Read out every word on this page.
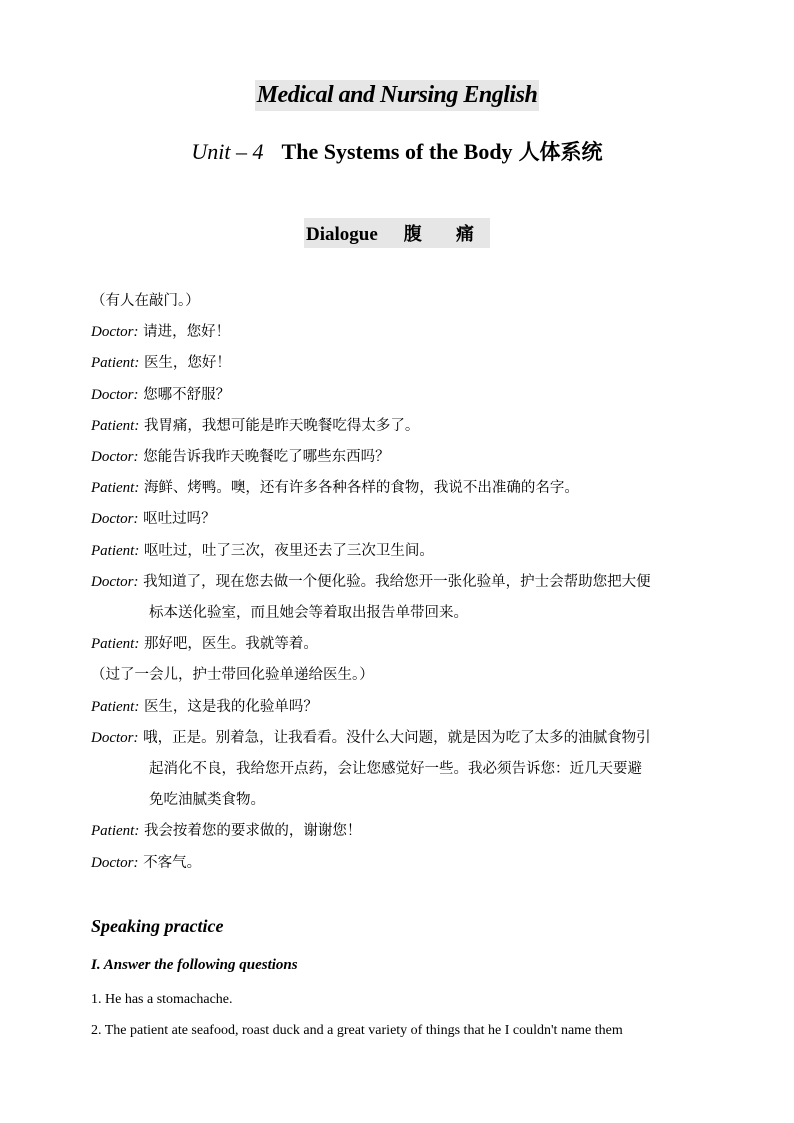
Medical and Nursing English
Unit – 4 The Systems of the Body 人体系统
Dialogue 腹 痛
（有人在敲门。）
Doctor: 请进，您好！
Patient: 医生，您好！
Doctor: 您哪不舒服？
Patient: 我胃痛，我想可能是昨天晚餐吃得太多了。
Doctor: 您能告诉我昨天晚餐吃了哪些东西吗？
Patient: 海鲜、烤鸭。噢，还有许多各种各样的食物，我说不出准确的名字。
Doctor: 呕吐过吗？
Patient: 呕吐过，吐了三次，夜里还去了三次卫生间。
Doctor: 我知道了，现在您去做一个便化验。我给您开一张化验单，护士会帮助您把大便
标本送化验室，而且她会等着取出报告单带回来。
Patient: 那好吧，医生。我就等着。
（过了一会儿，护士带回化验单递给医生。）
Patient: 医生，这是我的化验单吗？
Doctor: 哦，正是。别着急，让我看看。没什么大问题，就是因为吃了太多的油腻食物引
起消化不良，我给您开点药，会让您感觉好一些。我必须告诉您：近几天要避
免吃油腻类食物。
Patient: 我会按着您的要求做的，谢谢您！
Doctor: 不客气。
Speaking practice
I. Answer the following questions
1. He has a stomachache.
2. The patient ate seafood, roast duck and a great variety of things that he I couldn't name them
